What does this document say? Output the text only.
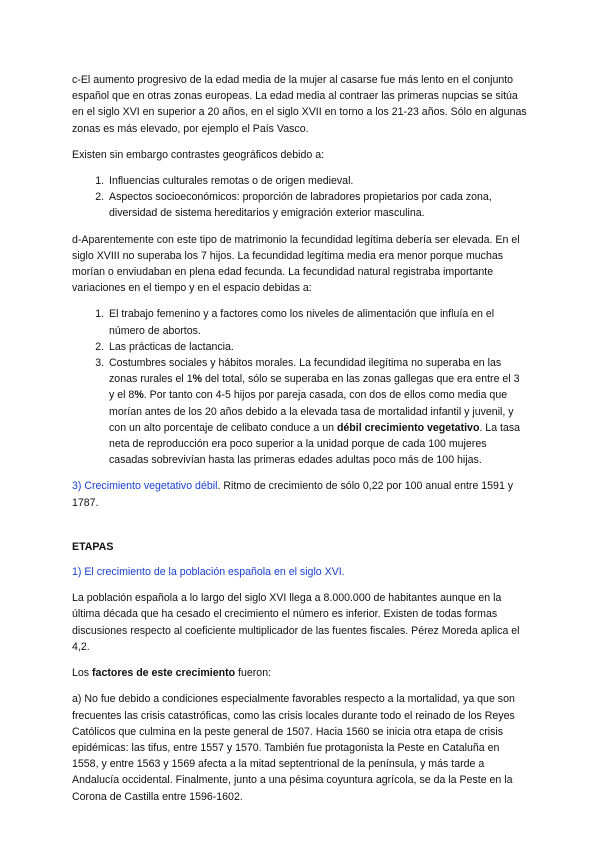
c-El aumento progresivo de la edad media de la mujer al casarse fue más lento en el conjunto español que en otras zonas europeas. La edad media al contraer las primeras nupcias se sitúa en el siglo XVI en superior a 20 años, en el siglo XVII en torno a los 21-23 años. Sólo en algunas zonas es más elevado, por ejemplo el País Vasco.

Existen sin embargo contrastes geográficos debido a:

1. Influencias culturales remotas o de origen medieval.
2. Aspectos socioeconómicos: proporción de labradores propietarios por cada zona, diversidad de sistema hereditarios y emigración exterior masculina.

d-Aparentemente con este tipo de matrimonio la fecundidad legítima debería ser elevada. En el siglo XVIII no superaba los 7 hijos. La fecundidad legítima media era menor porque muchas morían o enviudaban en plena edad fecunda. La fecundidad natural registraba importante variaciones en el tiempo y en el espacio debidas a:

1. El trabajo femenino y a factores como los niveles de alimentación que influía en el número de abortos.
2. Las prácticas de lactancia.
3. Costumbres sociales y hábitos morales. La fecundidad ilegítima no superaba en las zonas rurales el 1% del total, sólo se superaba en las zonas gallegas que era entre el 3 y el 8%. Por tanto con 4-5 hijos por pareja casada, con dos de ellos como media que morían antes de los 20 años debido a la elevada tasa de mortalidad infantil y juvenil, y con un alto porcentaje de celibato conduce a un débil crecimiento vegetativo. La tasa neta de reproducción era poco superior a la unidad porque de cada 100 mujeres casadas sobrevivían hasta las primeras edades adultas poco más de 100 hijas.

3) Crecimiento vegetativo débil. Ritmo de crecimiento de sólo 0,22 por 100 anual entre 1591 y 1787.

ETAPAS

1) El crecimiento de la población española en el siglo XVI.

La población española a lo largo del siglo XVI llega a 8.000.000 de habitantes aunque en la última década que ha cesado el crecimiento el número es inferior. Existen de todas formas discusiones respecto al coeficiente multiplicador de las fuentes fiscales. Pérez Moreda aplica el 4,2.

Los factores de este crecimiento fueron:

a) No fue debido a condiciones especialmente favorables respecto a la mortalidad, ya que son frecuentes las crisis catastróficas, como las crisis locales durante todo el reinado de los Reyes Católicos que culmina en la peste general de 1507. Hacia 1560 se inicia otra etapa de crisis epidémicas: las tifus, entre 1557 y 1570. También fue protagonista la Peste en Cataluña en 1558, y entre 1563 y 1569 afecta a la mitad septentrional de la península, y más tarde a Andalucía occidental. Finalmente, junto a una pésima coyuntura agrícola, se da la Peste en la Corona de Castilla entre 1596-1602.
